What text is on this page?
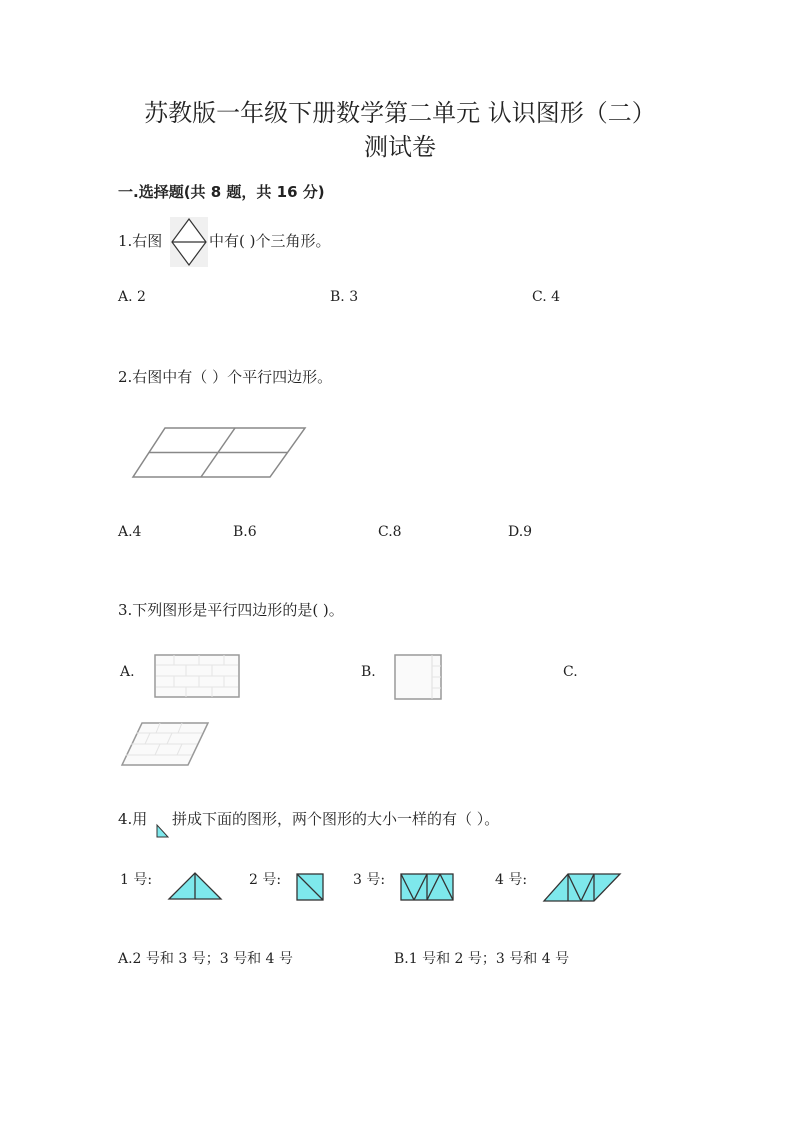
苏教版一年级下册数学第二单元 认识图形（二）
测试卷
一.选择题(共 8 题，共 16 分)
1.右图	中有( )个三角形。
A. 2	B. 3	C. 4
2.右图中有（ ）个平行四边形。
A.4	B.6	C.8	D.9
3.下列图形是平行四边形的是( )。
A.	B.	C.
4.用 拼成下面的图形，两个图形的大小一样的有（ ）。
1 号:	2 号:	3 号:	4 号:
A.2 号和 3 号；3 号和 4 号	B.1 号和 2 号；3 号和 4 号
